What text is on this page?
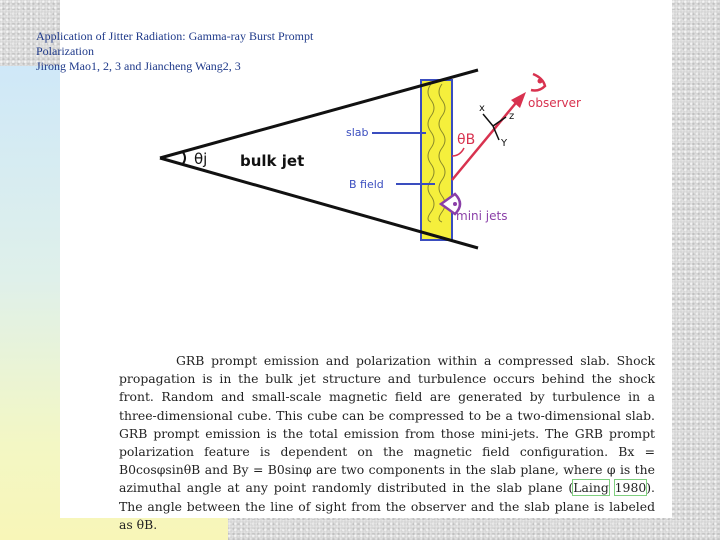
Application of Jitter Radiation: Gamma-ray Burst Prompt
Polarization
Jirong Mao1, 2, 3 and Jiancheng Wang2, 3
θj bulk jet
slab
B field
θB
x
z
Y
observer
mini jets

GRB prompt emission and polarization within a compressed slab. Shock propagation is in the bulk jet structure and turbulence occurs behind the shock front. Random and small-scale magnetic field are generated by turbulence in a three-dimensional cube. This cube can be compressed to be a two-dimensional slab. GRB prompt emission is the total emission from those mini-jets. The GRB prompt polarization feature is dependent on the magnetic field configuration. Bx = B0cosφsinθB and By = B0sinφ are two components in the slab plane, where φ is the azimuthal angle at any point randomly distributed in the slab plane (Laing 1980). The angle between the line of sight from the observer and the slab plane is labeled as θB.
